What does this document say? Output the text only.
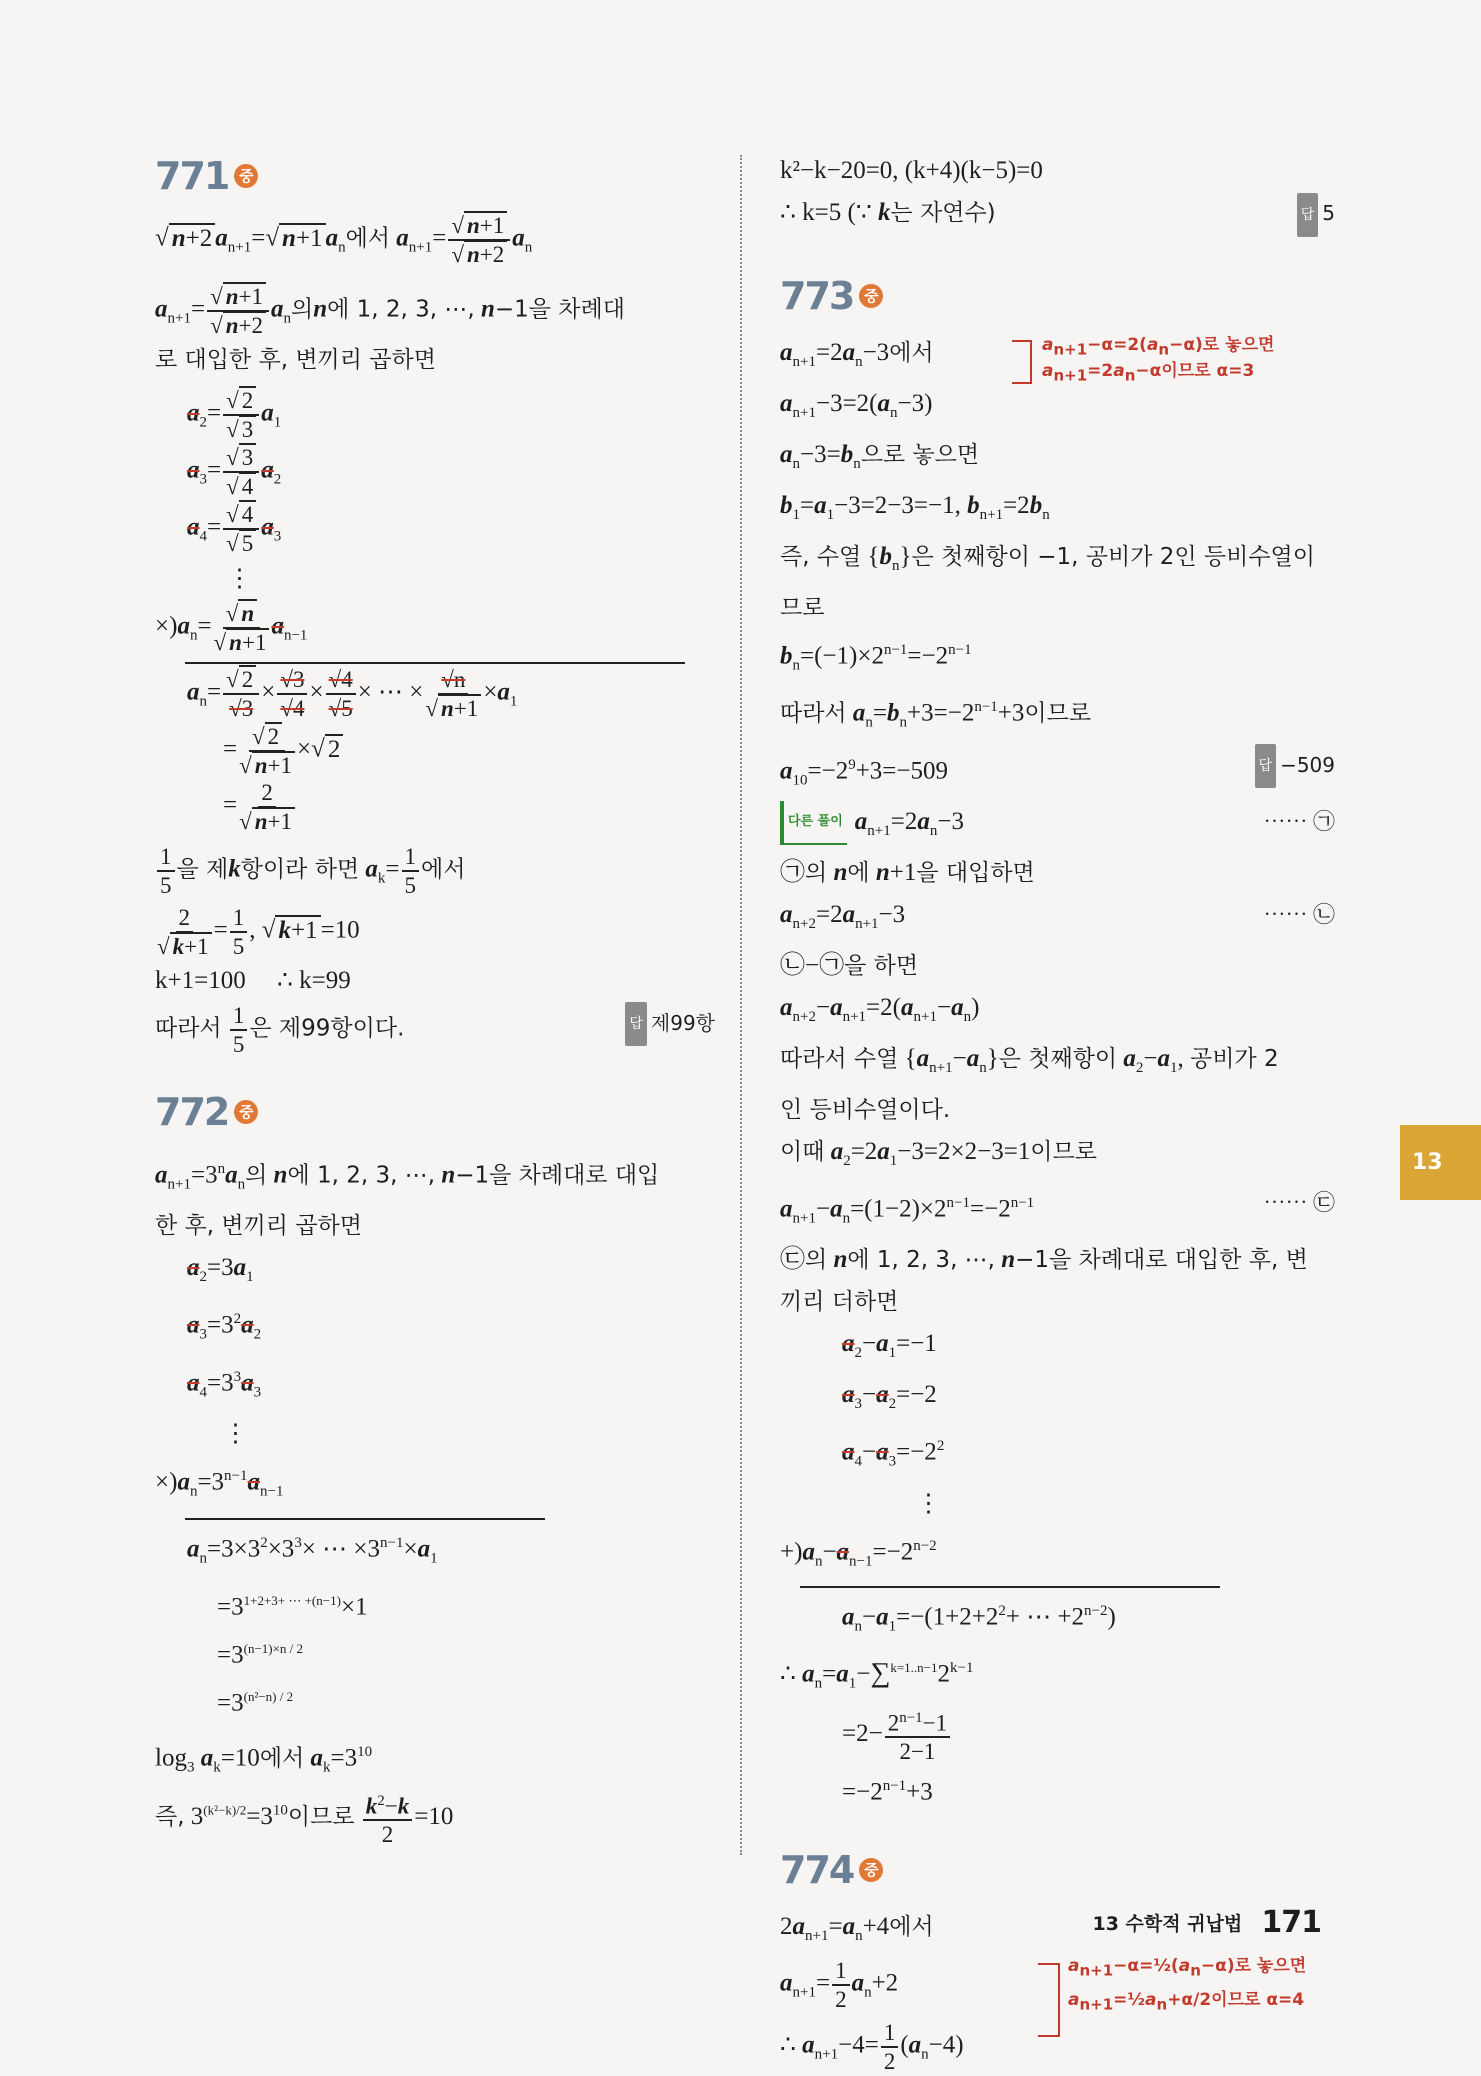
771 중
√ n+2 $a_{n+1}=√$ n+1 $a_n$에서 $a_{n+1}= \frac{√ n+1}{√ n+2} a_n$
$a_{n+1}= \frac{√ n+1}{√ n+2} a_n$의n에 1, 2, 3, ⋯, n−1을 차례대
로 대입한 후, 변끼리 곱하면
$a_2= \frac{√ 2}{√ 3} a_1$
$a_3= \frac{√ 3}{√ 4} a_2$
$a_4= \frac{√ 4}{√ 5} a_3$
⋮
$\times)a_n= \frac{√ n}{√ n+1} a_{n-1}$
$a_n= \frac{√ 2}{√3} \times \frac{√3}{√4} \times \frac{√4}{√5}$ × ⋯ × $\frac{√n}{√ n+1} \times a_1$
= $\frac{√ 2}{√ n+1}$ ×√ 2
= $\frac{2}{√ n+1}$
$\frac{1}{5}$ 을 제k항이라 하면 $a_k= \frac{1}{5}$ 에서
$\frac{2}{√ k+1} = \frac{1}{5}$ , √ k+1 =10
k+1=100 ∴ k=99
따라서 $\frac{1}{5}$ 은 제99항이다.	답 제99항
772 중
$a_{n+1}=3^na_n$의 n에 1, 2, 3, ⋯, n−1을 차례대로 대입
한 후, 변끼리 곱하면
$a_2=3a_1$
$a_3=3^2a_2$
$a_4=3^3a_3$
⋮
$\times)a_n=3^{n-1}a_{n-1}$
$a_n=3\times 3^2\times 3^3\times$ ⋯ $\times 3^{n-1}\times a_1$
$=3^{1+2+3+ \cdots +(n-1)}\times 1$
$=3^{(n-1)\times n / 2}$
$=3^{(n^2-n) / 2}$
$\log_3 a_k=10$에서 $a_k=3^{10}$
즉, $3^{(k^2-k)/2}=3^{10}$이므로 $\frac{k^2-k}{2} =10$
k²−k−20=0, (k+4)(k−5)=0
∴ k=5 (∵ k는 자연수)	답 5
773 중
$a_{n+1}=2a_n-3$에서	$a_{n+1}-\alpha=2(a_n-\alpha)$로 놓으면
$a_{n+1}=2a_n-\alpha$이므로 α=3
$a_{n+1}-3=2(a_n-3)$
$a_n-3=b_n$으로 놓으면
$b_1=a_1-3=2-3=-1$, $b_{n+1}=2b_n$
즉, 수열 $\{b_n\}$은 첫째항이 −1, 공비가 2인 등비수열이
므로
$b_n=(-1)\times 2^{n-1}=-2^{n-1}$
따라서 $a_n=b_n+3=-2^{n-1}+3$이므로
$a_{10}=-2^9+3=-509$	답 −509
다른 풀이 $a_{n+1}=2a_n-3$	⋯⋯ ㉠
㉠의 n에 n+1을 대입하면
$a_{n+2}=2a_{n+1}-3$	⋯⋯ ㉡
㉡−㉠을 하면
$a_{n+2}-a_{n+1}=2(a_{n+1}-a_n)$
따라서 수열 $\{a_{n+1}-a_n\}$은 첫째항이 $a_2-a_1$, 공비가 2
인 등비수열이다.
이때 $a_2=2a_1-3=2\times 2-3=1$이므로
$a_{n+1}-a_n=(1-2)\times 2^{n-1}=-2^{n-1}$	⋯⋯ ㉢
㉢의 n에 1, 2, 3, ⋯, n−1을 차례대로 대입한 후, 변
끼리 더하면
$a_2-a_1=-1$
$a_3-a_2=-2$
$a_4-a_3=-2^2$
⋮
$+)a_n-a_{n-1}=-2^{n-2}$
$a_n-a_1=-(1+2+2^2+$ ⋯ $+2^{n-2}$)
∴ $a_n=a_1-\sum^{k=1..n-1}2^{k-1}$
$=2- \frac{2^{n-1}-1}{2-1}$
$=-2^{n-1}+3$
774 중
$2a_{n+1}=a_n+4$에서
$a_{n+1}= \frac{1}{2} a_n+2$
$a_{n+1}-\alpha=\frac{1}{2}(a_n-\alpha)$로 놓으면
$a_{n+1}=\frac{1}{2}a_n+\alpha/2$이므로 α=4
∴ $a_{n+1}-4= \frac{1}{2} (a_n-4)$
13
13 수학적 귀납법 171
